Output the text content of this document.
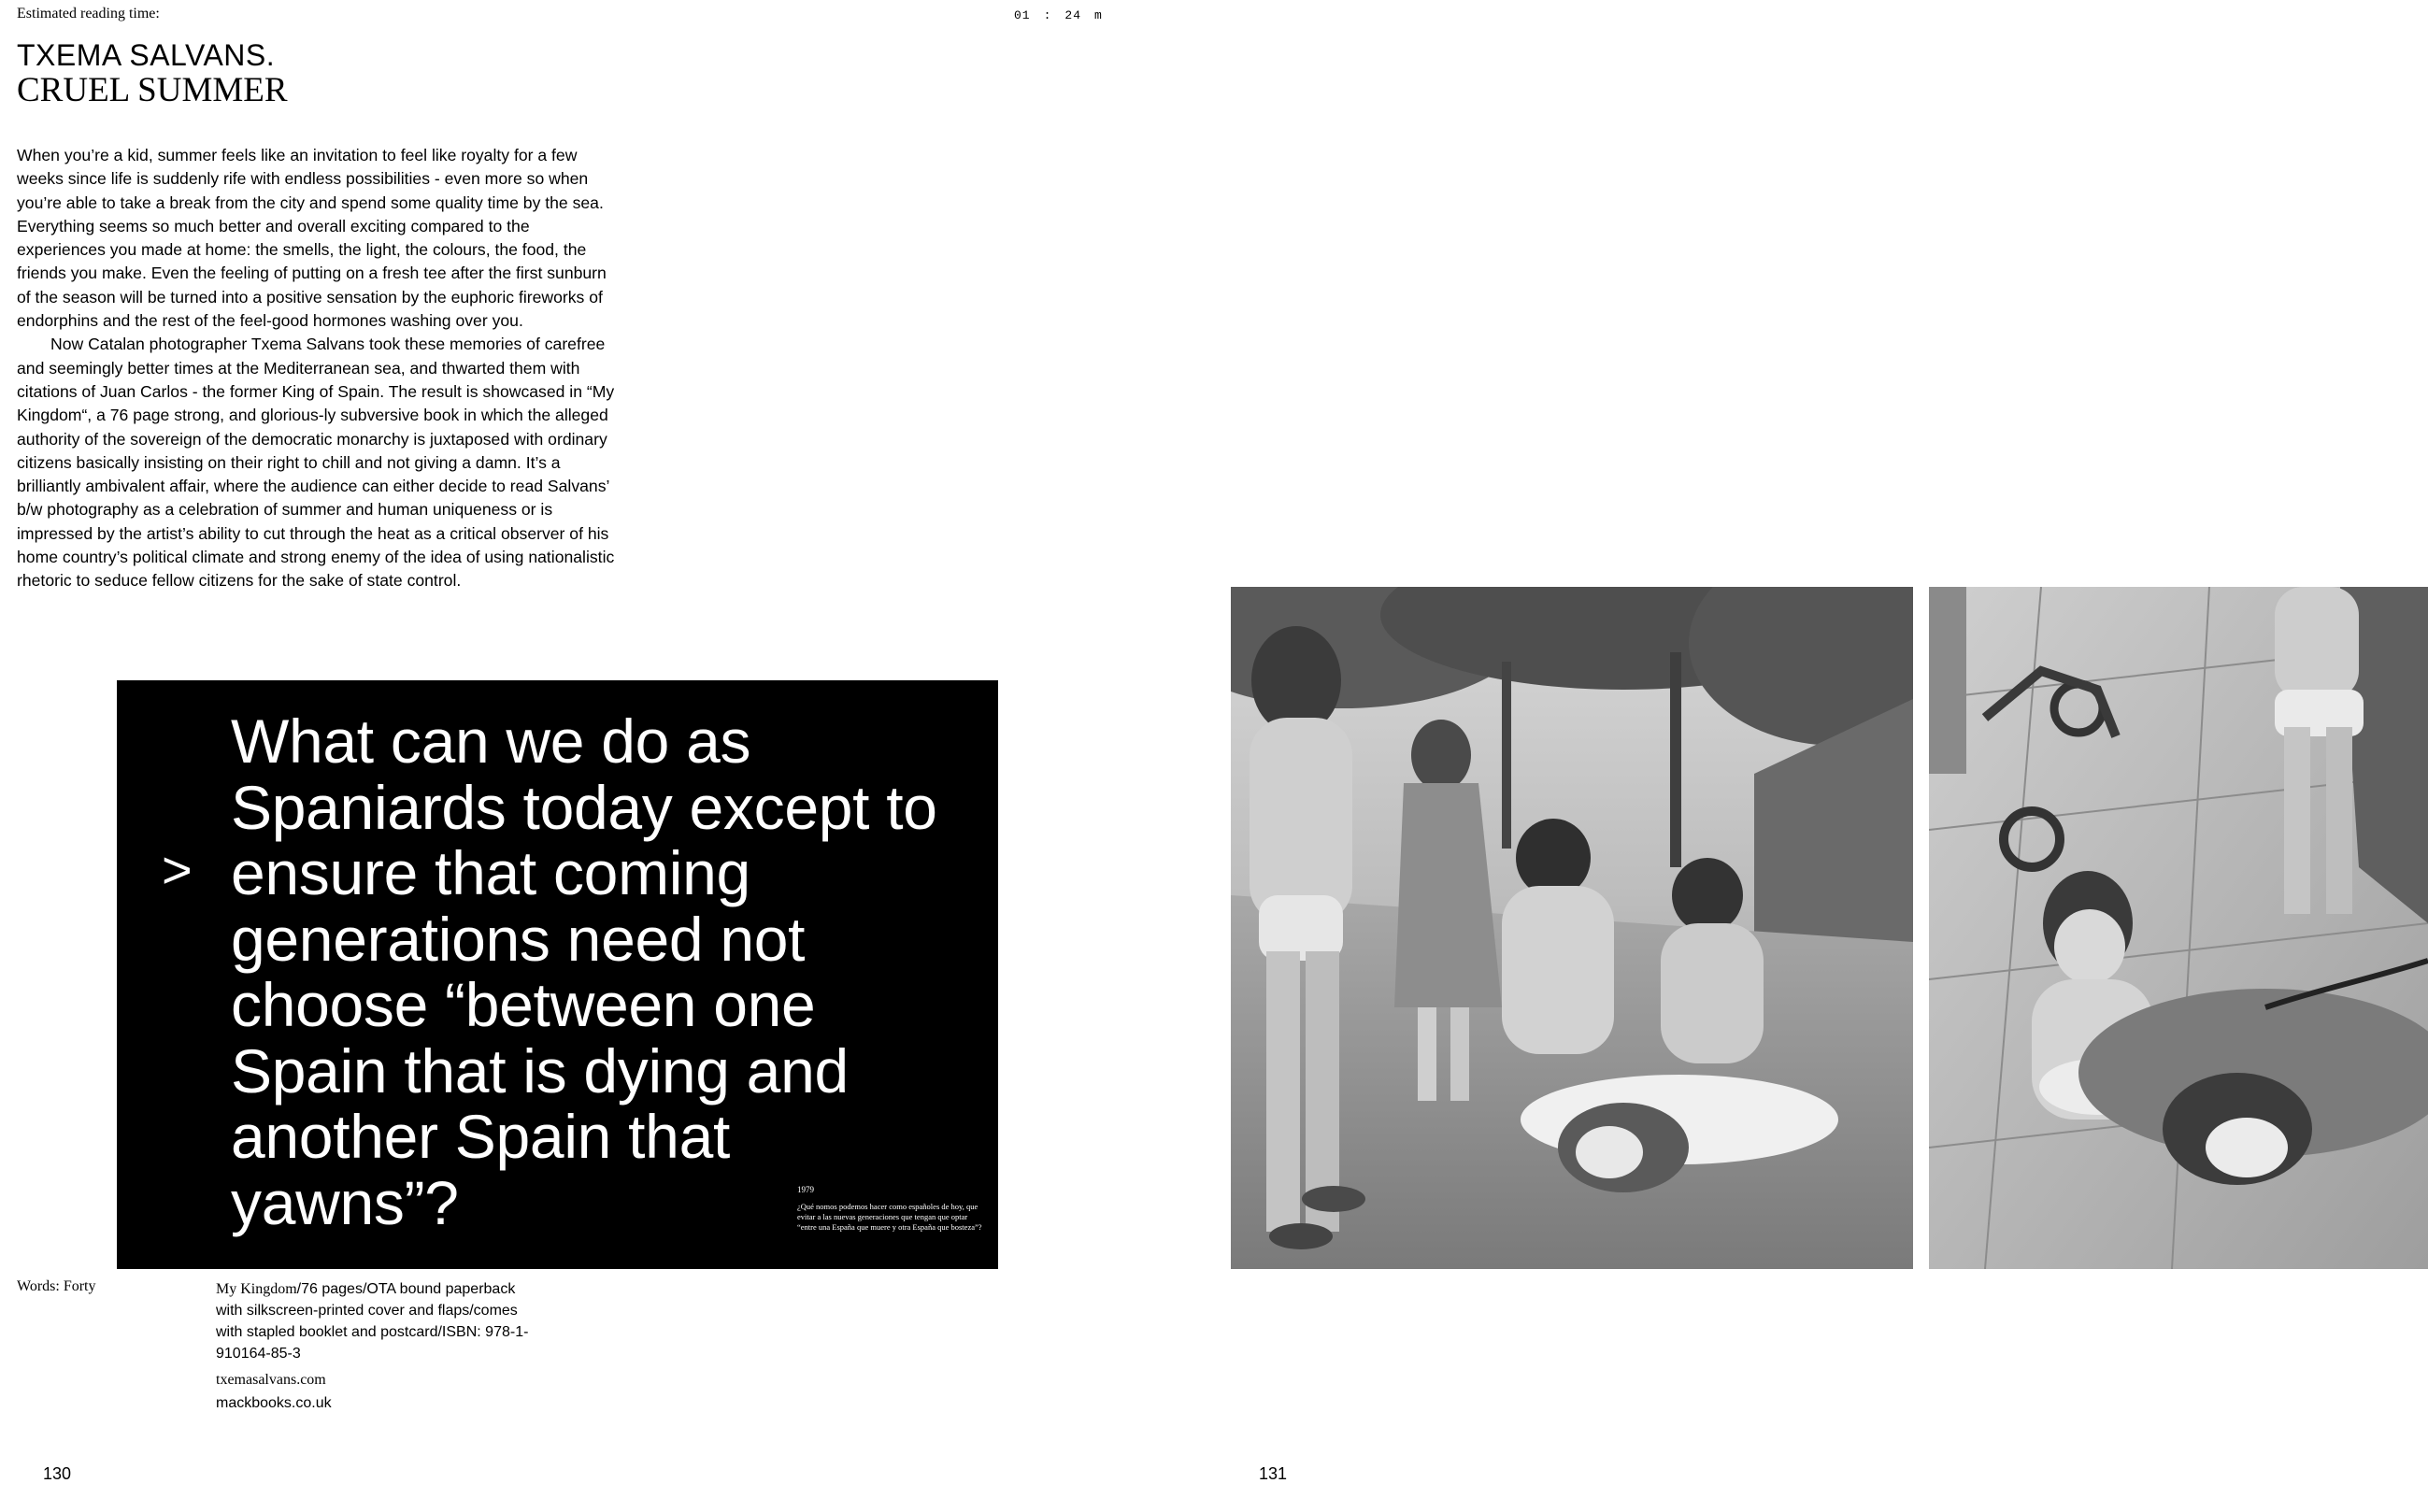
Estimated reading time:	01 : 24 m
TXEMA SALVANS.
CRUEL SUMMER

When you’re a kid, summer feels like an invitation to feel like royalty for a few weeks since life is suddenly rife with endless possibilities - even more so when you’re able to take a break from the city and spend some quality time by the sea. Everything seems so much better and overall exciting compared to the experiences you made at home: the smells, the light, the colours, the food, the friends you make. Even the feeling of putting on a fresh tee after the first sunburn of the season will be turned into a positive sensation by the euphoric fireworks of endorphins and the rest of the feel-good hormones washing over you.

Now Catalan photographer Txema Salvans took these memories of carefree and seemingly better times at the Mediterranean sea, and thwarted them with citations of Juan Carlos - the former King of Spain. The result is showcased in “My Kingdom“, a 76 page strong, and glorious-ly subversive book in which the alleged authority of the sovereign of the democratic monarchy is juxtaposed with ordinary citizens basically insisting on their right to chill and not giving a damn. It’s a brilliantly ambivalent affair, where the audience can either decide to read Salvans’ b/w photography as a celebration of summer and human uniqueness or is impressed by the artist’s ability to cut through the heat as a critical observer of his home country’s political climate and strong enemy of the idea of using nationalistic rhetoric to seduce fellow citizens for the sake of state control.

>
What can we do as Spaniards today except to ensure that coming generations need not choose “between one Spain that is dying and another Spain that yawns”?	1979
¿Qué nomos podemos hacer como españoles de hoy, que evitar a las nuevas generaciones que tengan que optar “entre una España que muere y otra España que bosteza”?
Words: Forty	My Kingdom/76 pages/OTA bound paperback with silkscreen-printed cover and flaps/comes with stapled booklet and postcard/ISBN: 978-1-910164-85-3
txemasalvans.com
mackbooks.co.uk
130	131
